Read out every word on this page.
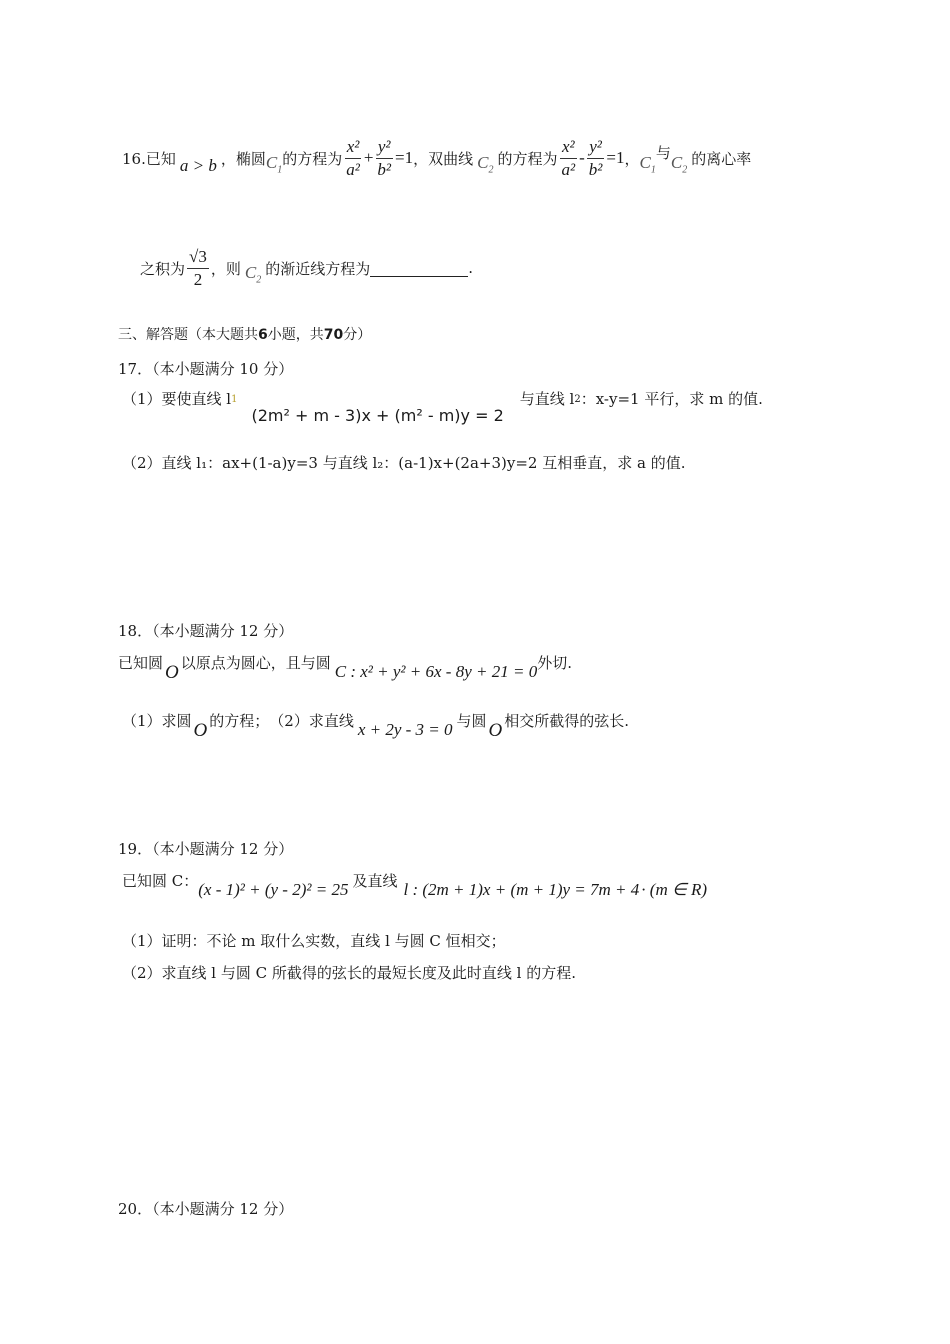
16.已知 a > b ，椭圆 $C_1$
的方程为 $\frac{\text{x²}}{\text{a²}} + \frac{\text{y²}}{\text{b²}} =1$ ，双曲线 $C_2$
的方程为 $\frac{\text{x²}}{\text{a²}} - \frac{\text{y²}}{\text{b²}} =1$ ， $C_1$
与
$C_2$
的离心率
之积为 $\frac{√3}{2}$ ，则 $C_2$
的渐近线方程为	.
三、解答题（本大题共6小题，共70分）
17．（本小题满分 10 分）
（1）要使直线 l 1
(2m² + m - 3)x + (m² - m)y = 2
与直线 l 2 ：x-y=1 平行，求 m 的值.
（2）直线 l₁：ax+(1-a)y=3 与直线 l₂：(a-1)x+(2a+3)y=2 互相垂直，求 a 的值.
18．（本小题满分 12 分）
已知圆 O 以原点为圆心，且与圆 C : x² + y² + 6x - 8y + 21 = 0 外切.
（1）求圆 O 的方程；　（2）求直线 x + 2y - 3 = 0 与圆 O 相交所截得的弦长.
19．（本小题满分 12 分）
已知圆 C： (x - 1)² + (y - 2)² = 25 及直线 l : (2m + 1)x + (m + 1)y = 7m + 4 · (m ∈ R)
（1）证明：不论 m 取什么实数，直线 l 与圆 C 恒相交；
（2）求直线 l 与圆 C 所截得的弦长的最短长度及此时直线 l 的方程.
20．（本小题满分 12 分）
